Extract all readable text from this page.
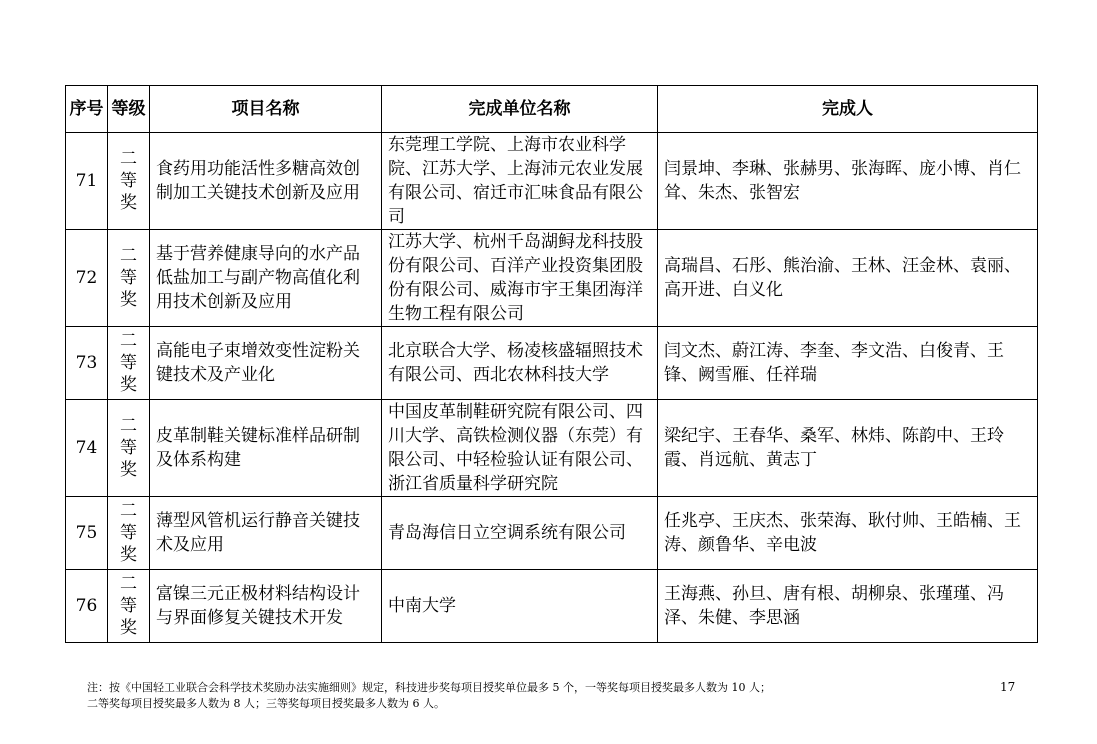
序号	等级	项目名称	完成单位名称	完成人
71	二等奖	食药用功能活性多糖高效创制加工关键技术创新及应用	东莞理工学院、上海市农业科学院、江苏大学、上海沛元农业发展有限公司、宿迁市汇味食品有限公司	闫景坤、李琳、张赫男、张海晖、庞小博、肖仁耸、朱杰、张智宏
72	二等奖	基于营养健康导向的水产品低盐加工与副产物高值化利用技术创新及应用	江苏大学、杭州千岛湖鲟龙科技股份有限公司、百洋产业投资集团股份有限公司、威海市宇王集团海洋生物工程有限公司	高瑞昌、石彤、熊治渝、王林、汪金林、袁丽、高开进、白义化
73	二等奖	高能电子束增效变性淀粉关键技术及产业化	北京联合大学、杨凌核盛辐照技术有限公司、西北农林科技大学	闫文杰、蔚江涛、李奎、李文浩、白俊青、王锋、阙雪雁、任祥瑞
74	二等奖	皮革制鞋关键标准样品研制及体系构建	中国皮革制鞋研究院有限公司、四川大学、高铁检测仪器（东莞）有限公司、中轻检验认证有限公司、浙江省质量科学研究院	梁纪宇、王春华、桑军、林炜、陈韵中、王玲霞、肖远航、黄志丁
75	二等奖	薄型风管机运行静音关键技术及应用	青岛海信日立空调系统有限公司	任兆亭、王庆杰、张荣海、耿付帅、王皓楠、王涛、颜鲁华、辛电波
76	二等奖	富镍三元正极材料结构设计与界面修复关键技术开发	中南大学	王海燕、孙旦、唐有根、胡柳泉、张瑾瑾、冯泽、朱健、李思涵
注：按《中国轻工业联合会科学技术奖励办法实施细则》规定，科技进步奖每项目授奖单位最多 5 个，一等奖每项目授奖最多人数为 10 人；
二等奖每项目授奖最多人数为 8 人；三等奖每项目授奖最多人数为 6 人。
17
